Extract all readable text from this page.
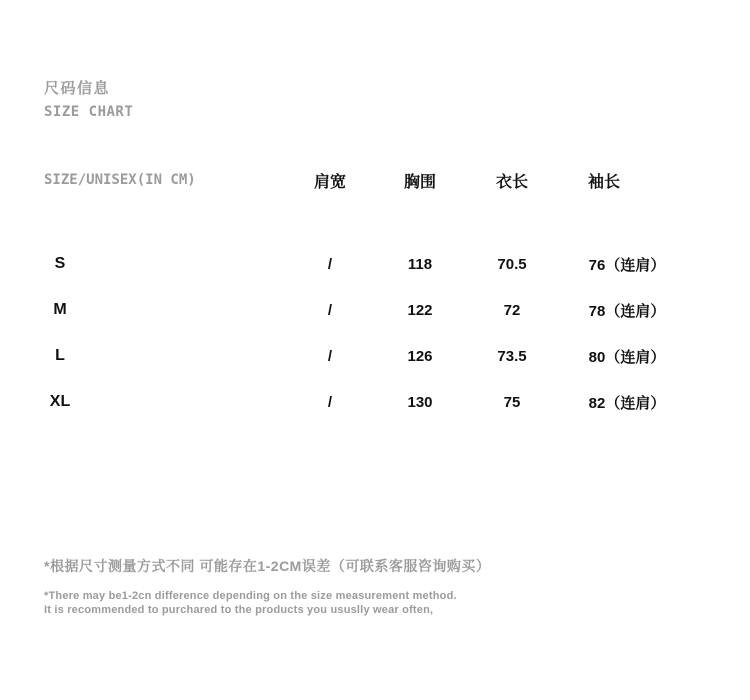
尺码信息
SIZE CHART
SIZE/UNISEX(IN CM)	肩宽	胸围	衣长	袖长
S	/	118	70.5	76（连肩）
M	/	122	72	78（连肩）
L	/	126	73.5	80（连肩）
XL	/	130	75	82（连肩）
*根据尺寸测量方式不同 可能存在1-2CM误差（可联系客服咨询购买）
*There may be1-2cn difference depending on the size measurement method.
It is recommended to purchared to the products you ususlly wear often,
